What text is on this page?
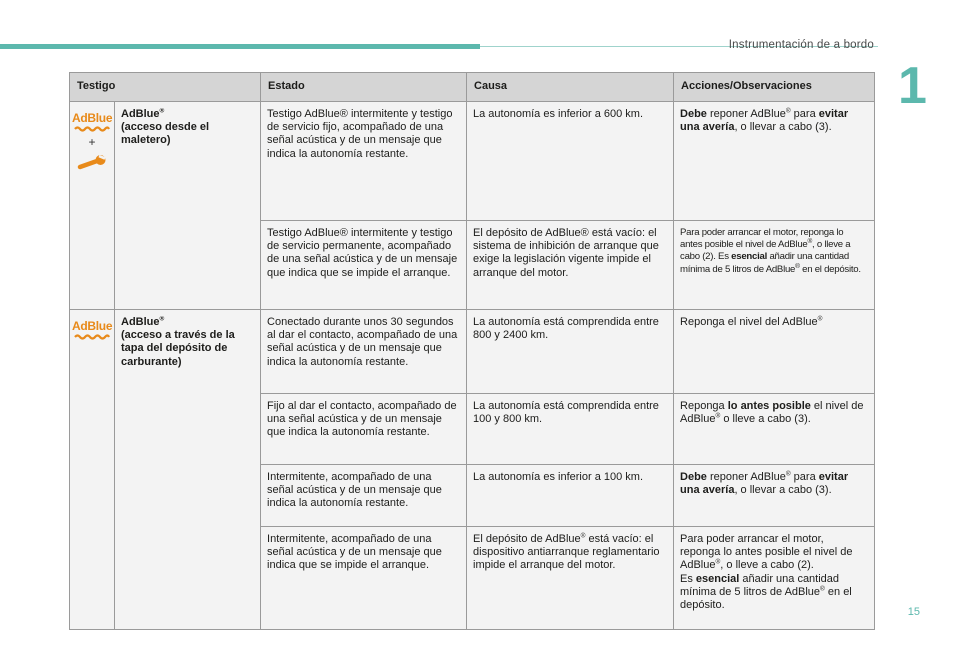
Instrumentación de a bordo
1
15
Testigo		Estado	Causa	Acciones/Observaciones

AdBlue
+	AdBlue®
(acceso desde el maletero)	Testigo AdBlue® intermitente y testigo de servicio fijo, acompañado de una señal acústica y de un mensaje que indica la autonomía restante.	La autonomía es inferior a 600 km.	Debe reponer AdBlue® para evitar una avería, o llevar a cabo (3).
		Testigo AdBlue® intermitente y testigo de servicio permanente, acompañado de una señal acústica y de un mensaje que indica que se impide el arranque.	El depósito de AdBlue® está vacío: el sistema de inhibición de arranque que exige la legislación vigente impide el arranque del motor.	Para poder arrancar el motor, reponga lo antes posible el nivel de AdBlue®, o lleve a cabo (2). Es esencial añadir una cantidad mínima de 5 litros de AdBlue® en el depósito.

AdBlue	AdBlue®
(acceso a través de la tapa del depósito de carburante)	Conectado durante unos 30 segundos al dar el contacto, acompañado de una señal acústica y de un mensaje que indica la autonomía restante.	La autonomía está comprendida entre 800 y 2400 km.	Reponga el nivel del AdBlue®
		Fijo al dar el contacto, acompañado de una señal acústica y de un mensaje que indica la autonomía restante.	La autonomía está comprendida entre 100 y 800 km.	Reponga lo antes posible el nivel de AdBlue® o lleve a cabo (3).
		Intermitente, acompañado de una señal acústica y de un mensaje que indica la autonomía restante.	La autonomía es inferior a 100 km.	Debe reponer AdBlue® para evitar una avería, o llevar a cabo (3).
		Intermitente, acompañado de una señal acústica y de un mensaje que indica que se impide el arranque.	El depósito de AdBlue® está vacío: el dispositivo antiarranque reglamentario impide el arranque del motor.	Para poder arrancar el motor, reponga lo antes posible el nivel de AdBlue®, o lleve a cabo (2).
Es esencial añadir una cantidad mínima de 5 litros de AdBlue® en el depósito.
